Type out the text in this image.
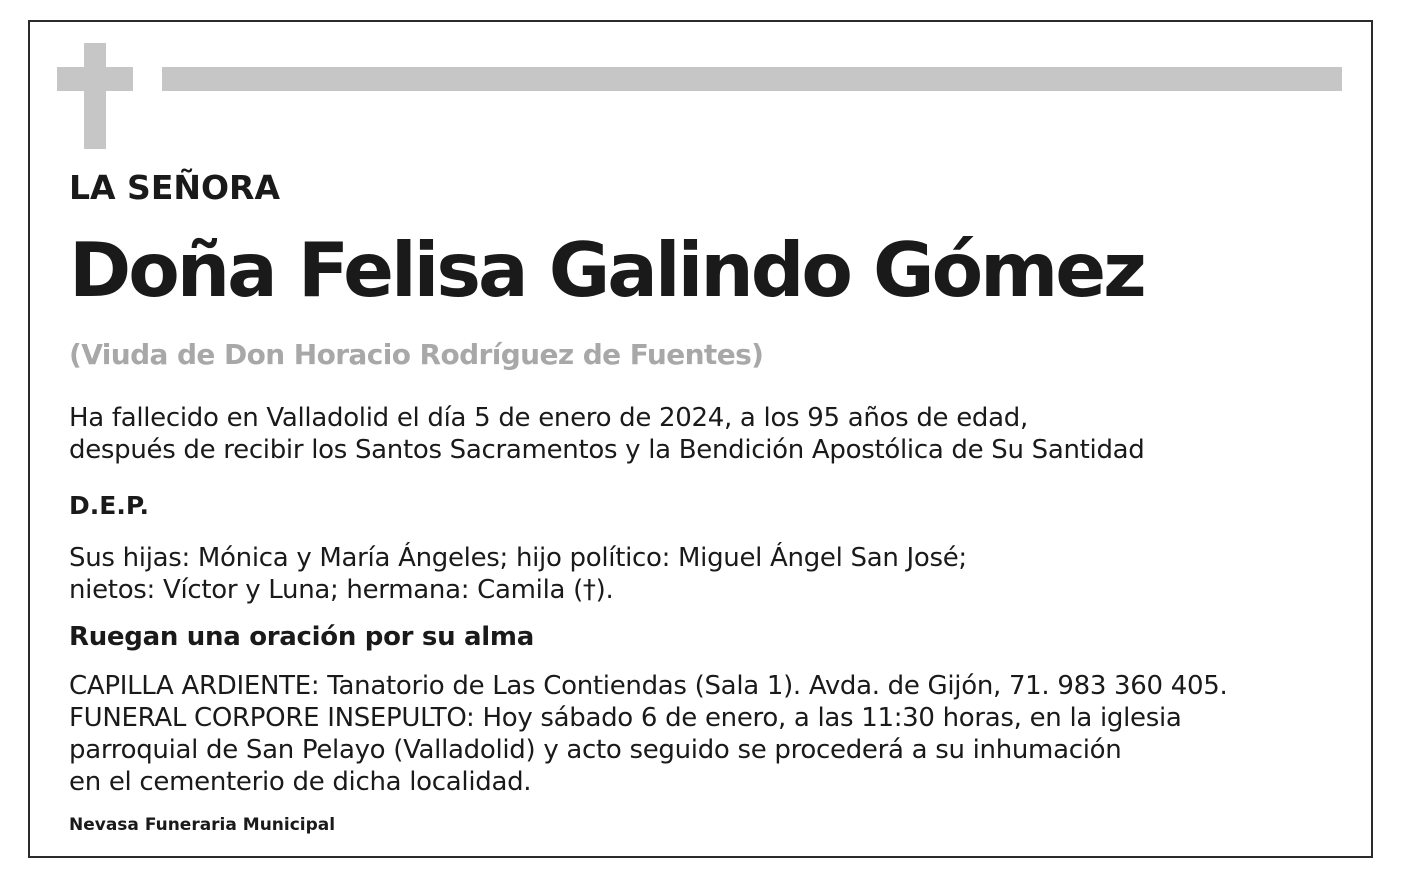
LA SEÑORA

Doña Felisa Galindo Gómez

(Viuda de Don Horacio Rodríguez de Fuentes)

Ha fallecido en Valladolid el día 5 de enero de 2024, a los 95 años de edad,
después de recibir los Santos Sacramentos y la Bendición Apostólica de Su Santidad

D.E.P.

Sus hijas: Mónica y María Ángeles; hijo político: Miguel Ángel San José;
nietos: Víctor y Luna; hermana: Camila (†).

Ruegan una oración por su alma

CAPILLA ARDIENTE: Tanatorio de Las Contiendas (Sala 1). Avda. de Gijón, 71. 983 360 405.
FUNERAL CORPORE INSEPULTO: Hoy sábado 6 de enero, a las 11:30 horas, en la iglesia
parroquial de San Pelayo (Valladolid) y acto seguido se procederá a su inhumación
en el cementerio de dicha localidad.

Nevasa Funeraria Municipal
